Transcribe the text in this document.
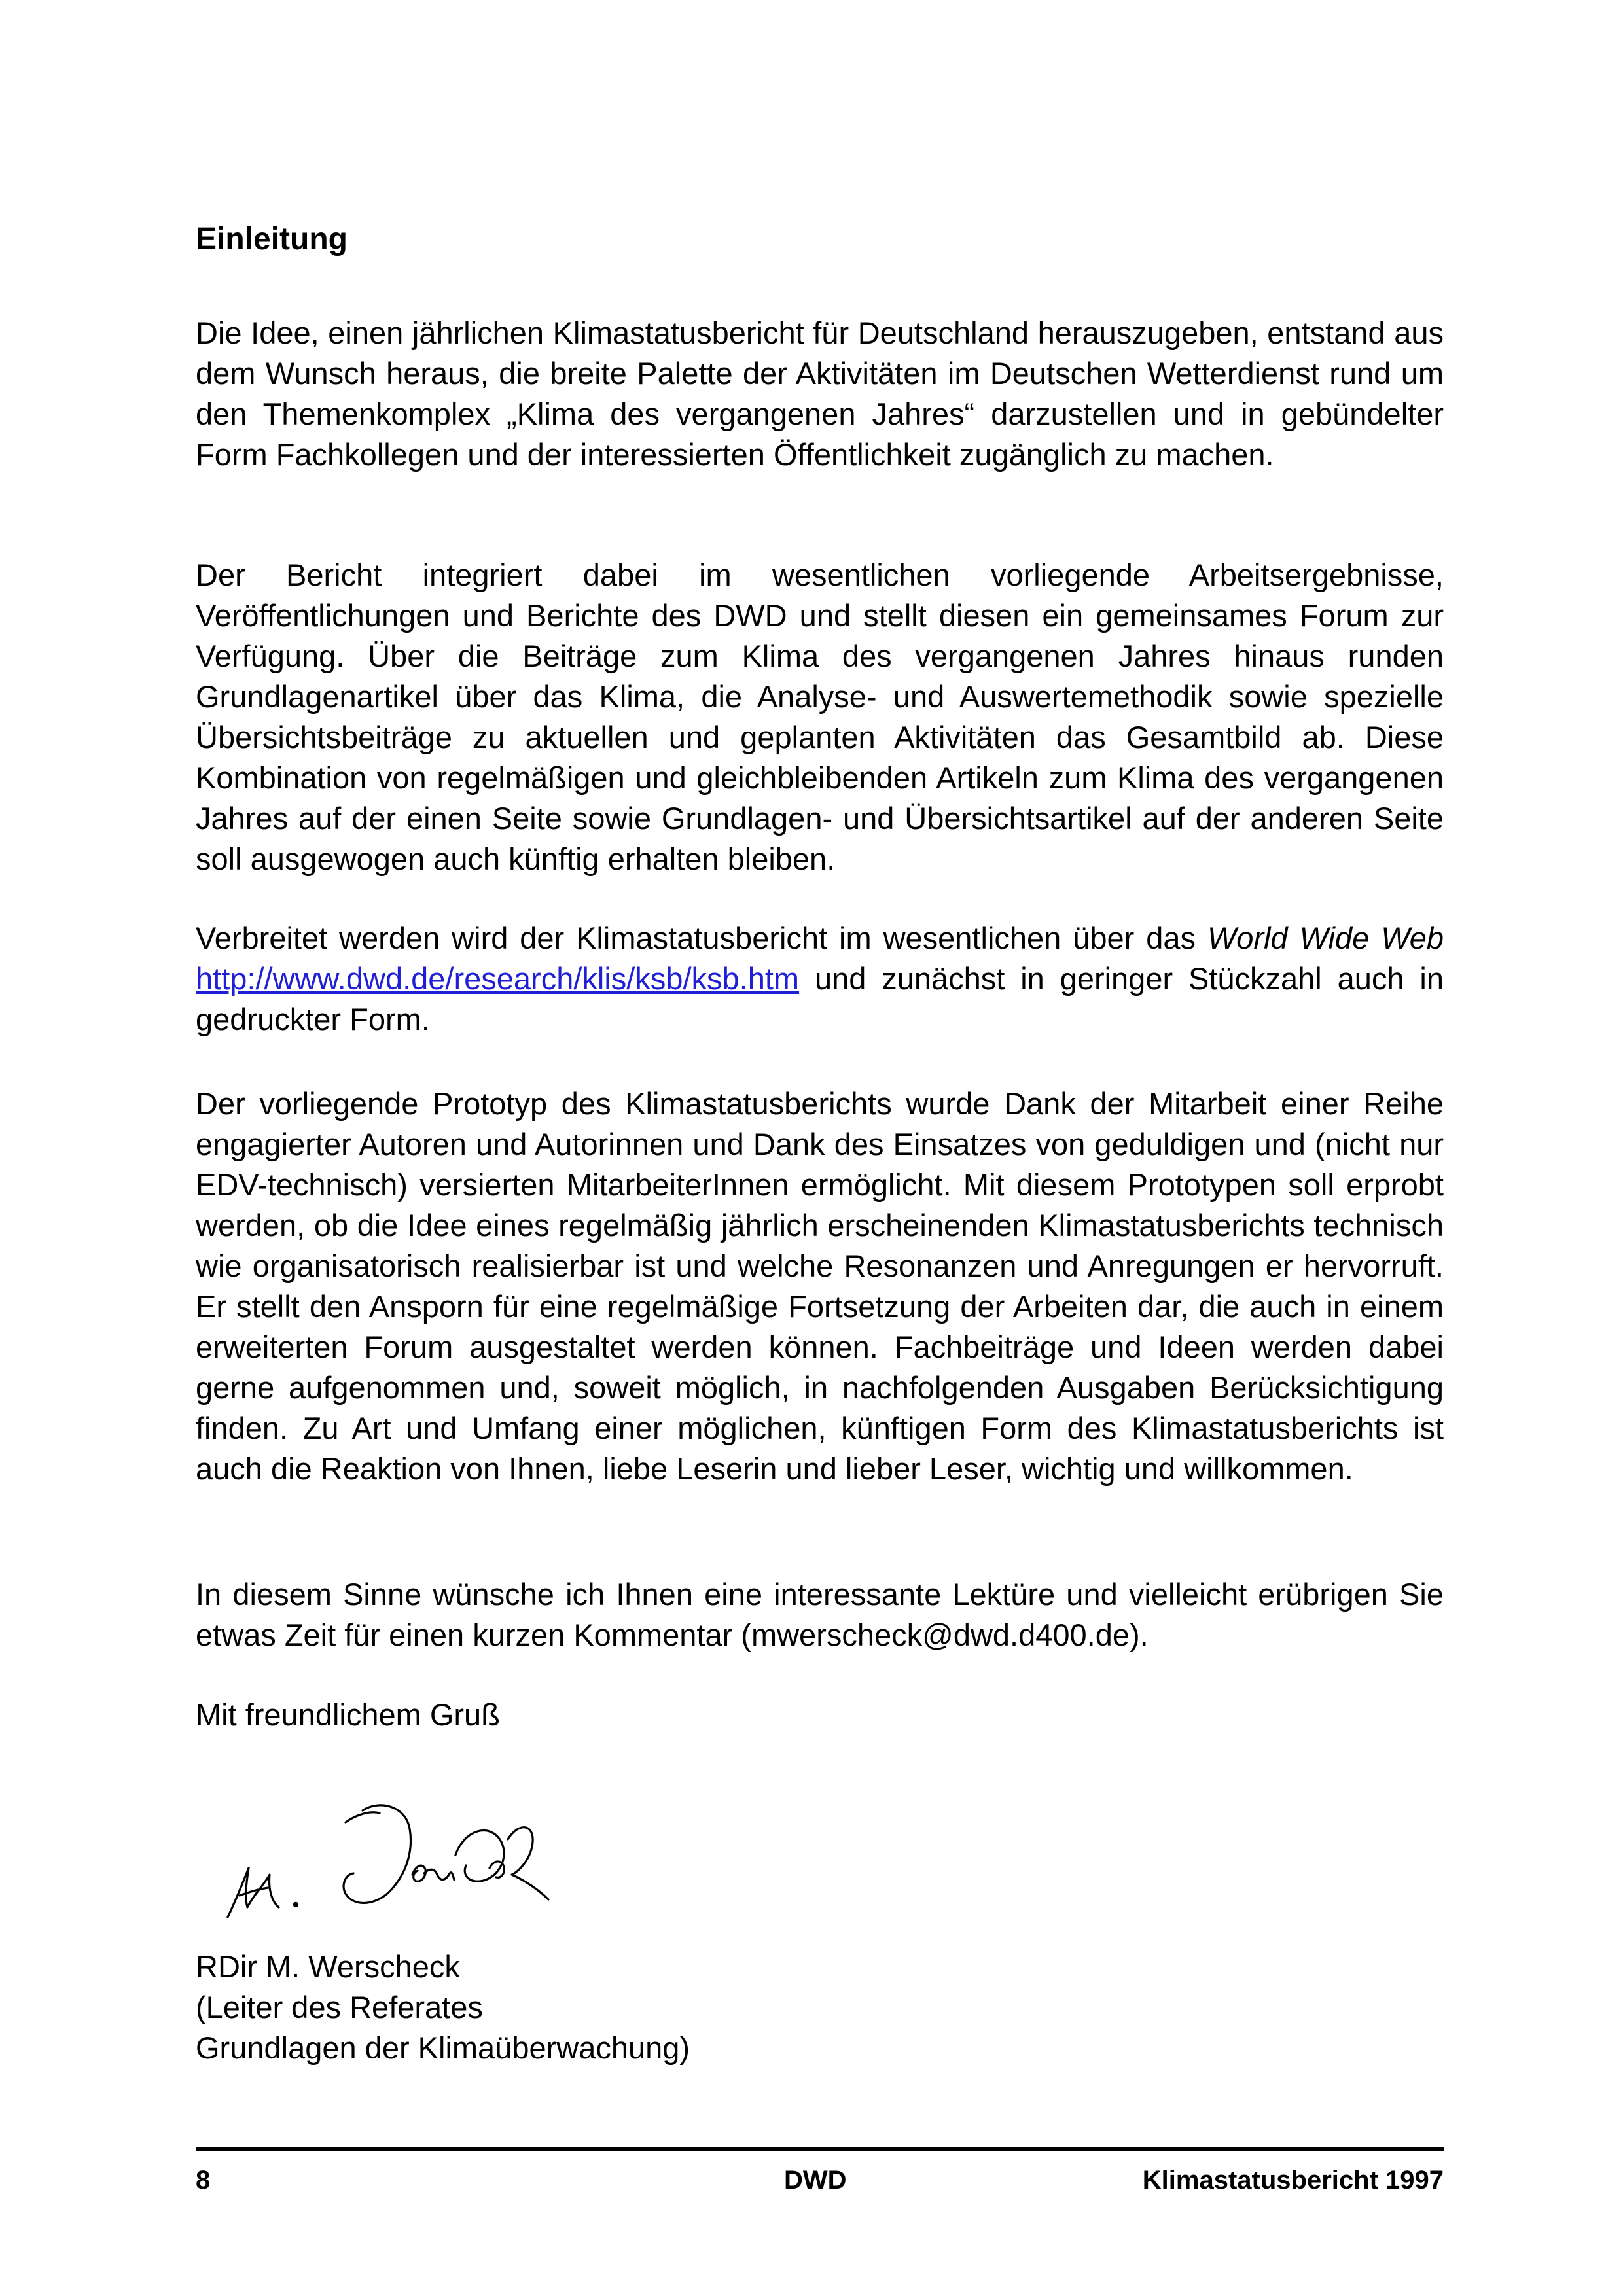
Einleitung

Die Idee, einen jährlichen Klimastatusbericht für Deutschland herauszugeben, entstand aus dem Wunsch heraus, die breite Palette der Aktivitäten im Deutschen Wetterdienst rund um den Themenkomplex „Klima des vergangenen Jahres“ darzustellen und in gebündelter Form Fachkollegen und der interessierten Öffentlichkeit zugänglich zu machen.

Der Bericht integriert dabei im wesentlichen vorliegende Arbeitsergebnisse, Veröffentlichungen und Berichte des DWD und stellt diesen ein gemeinsames Forum zur Verfügung. Über die Beiträge zum Klima des vergangenen Jahres hinaus runden Grundlagenartikel über das Klima, die Analyse- und Auswertemethodik sowie spezielle Übersichtsbeiträge zu aktuellen und geplanten Aktivitäten das Gesamtbild ab. Diese Kombination von regelmäßigen und gleichbleibenden Artikeln zum Klima des vergangenen Jahres auf der einen Seite sowie Grundlagen- und Übersichtsartikel auf der anderen Seite soll ausgewogen auch künftig erhalten bleiben.

Verbreitet werden wird der Klimastatusbericht im wesentlichen über das World Wide Web http://www.dwd.de/research/klis/ksb/ksb.htm und zunächst in geringer Stückzahl auch in gedruckter Form.

Der vorliegende Prototyp des Klimastatusberichts wurde Dank der Mitarbeit einer Reihe engagierter Autoren und Autorinnen und Dank des Einsatzes von geduldigen und (nicht nur EDV-technisch) versierten MitarbeiterInnen ermöglicht. Mit diesem Prototypen soll erprobt werden, ob die Idee eines regelmäßig jährlich erscheinenden Klimastatusberichts technisch wie organisatorisch realisierbar ist und welche Resonanzen und Anregungen er hervorruft. Er stellt den Ansporn für eine regelmäßige Fortsetzung der Arbeiten dar, die auch in einem erweiterten Forum ausgestaltet werden können. Fachbeiträge und Ideen werden dabei gerne aufgenommen und, soweit möglich, in nachfolgenden Ausgaben Berücksichtigung finden. Zu Art und Umfang einer möglichen, künftigen Form des Klimastatusberichts ist auch die Reaktion von Ihnen, liebe Leserin und lieber Leser, wichtig und willkommen.

In diesem Sinne wünsche ich Ihnen eine interessante Lektüre und vielleicht erübrigen Sie etwas Zeit für einen kurzen Kommentar (mwerscheck@dwd.d400.de).

Mit freundlichem Gruß
RDir M. Werscheck
(Leiter des Referates
Grundlagen der Klimaüberwachung)
8	DWD	Klimastatusbericht 1997
